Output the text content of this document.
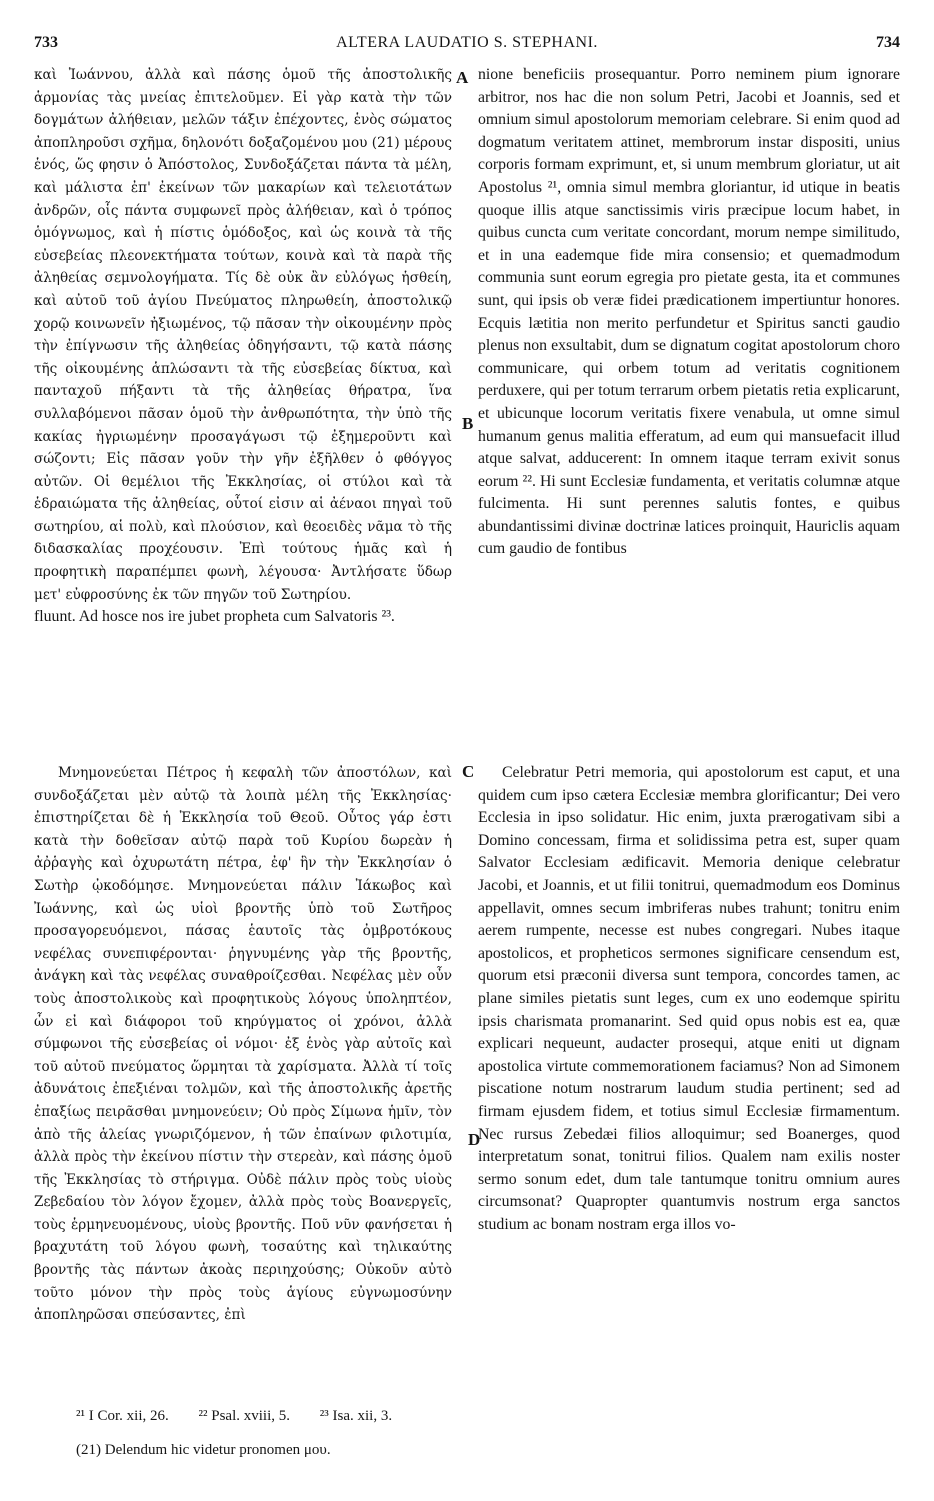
733	ALTERA LAUDATIO S. STEPHANI.	734

καὶ Ἰωάννου, ἀλλὰ καὶ πάσης ὁμοῦ τῆς ἀποστολικῆς ἁρμονίας τὰς μνείας ἐπιτελοῦμεν. Εἰ γὰρ κατὰ τὴν τῶν δογμάτων ἀλήθειαν, μελῶν τάξιν ἐπέχοντες, ἑνὸς σώματος ἀποπληροῦσι σχῆμα, δηλονότι δοξαζομένου μου (21) μέρους ἑνός, ὥς φησιν ὁ Ἀπόστολος, Συνδοξάζεται πάντα τὰ μέλη, καὶ μάλιστα ἐπ' ἐκείνων τῶν μακαρίων καὶ τελειοτάτων ἀνδρῶν, οἷς πάντα συμφωνεῖ πρὸς ἀλήθειαν, καὶ ὁ τρόπος ὁμόγνωμος, καὶ ἡ πίστις ὁμόδοξος, καὶ ὡς κοινὰ τὰ τῆς εὐσεβείας πλεονεκτήματα τούτων, κοινὰ καὶ τὰ παρὰ τῆς ἀληθείας σεμνολογήματα. Τίς δὲ οὐκ ἂν εὐλόγως ἡσθείη, καὶ αὐτοῦ τοῦ ἁγίου Πνεύματος πληρωθείη, ἀποστολικῷ χορῷ κοινωνεῖν ἠξιωμένος, τῷ πᾶσαν τὴν οἰκουμένην πρὸς τὴν ἐπίγνωσιν τῆς ἀληθείας ὁδηγήσαντι, τῷ κατὰ πάσης τῆς οἰκουμένης ἁπλώσαντι τὰ τῆς εὐσεβείας δίκτυα, καὶ πανταχοῦ πήξαντι τὰ τῆς ἀληθείας θήρατρα, ἵνα συλλαβόμενοι πᾶσαν ὁμοῦ τὴν ἀνθρωπότητα, τὴν ὑπὸ τῆς κακίας ἠγριωμένην προσαγάγωσι τῷ ἐξημεροῦντι καὶ σώζοντι; Εἰς πᾶσαν γοῦν τὴν γῆν ἐξῆλθεν ὁ φθόγγος αὐτῶν. Οἱ θεμέλιοι τῆς Ἐκκλησίας, οἱ στύλοι καὶ τὰ ἑδραιώματα τῆς ἀληθείας, οὗτοί εἰσιν αἱ ἀέναοι πηγαὶ τοῦ σωτηρίου, αἱ πολὺ, καὶ πλούσιον, καὶ θεοειδὲς νᾶμα τὸ τῆς διδασκαλίας προχέουσιν. Ἐπὶ τούτους ἡμᾶς καὶ ἡ προφητικὴ παραπέμπει φωνὴ, λέγουσα· Ἀντλήσατε ὕδωρ μετ' εὐφροσύνης ἐκ τῶν πηγῶν τοῦ Σωτηρίου.

fluunt. Ad hosce nos ire jubet propheta cum Salvatoris ²³.

nione beneficiis prosequantur. Porro neminem pium ignorare arbitror, nos hac die non solum Petri, Jacobi et Joannis, sed et omnium simul apostolorum memoriam celebrare. Si enim quod ad dogmatum veritatem attinet, membrorum instar dispositi, unius corporis formam exprimunt, et, si unum membrum gloriatur, ut ait Apostolus ²¹, omnia simul membra gloriantur, id utique in beatis quoque illis atque sanctissimis viris præcipue locum habet, in quibus cuncta cum veritate concordant, morum nempe similitudo, et in una eademque fide mira consensio; et quemadmodum communia sunt eorum egregia pro pietate gesta, ita et communes sunt, qui ipsis ob veræ fidei prædicationem impertiuntur honores. Ecquis lætitia non merito perfundetur et Spiritus sancti gaudio plenus non exsultabit, dum se dignatum cogitat apostolorum choro communicare, qui orbem totum ad veritatis cognitionem perduxere, qui per totum terrarum orbem pietatis retia explicarunt, et ubicunque locorum veritatis fixere venabula, ut omne simul humanum genus malitia efferatum, ad eum qui mansuefacit illud atque salvat, adducerent: In omnem itaque terram exivit sonus eorum ²². Hi sunt Ecclesiæ fundamenta, et veritatis columnæ atque fulcimenta. Hi sunt perennes salutis fontes, e quibus abundantissimi divinæ doctrinæ latices proinquit, Hauriclis aquam cum gaudio de fontibus

Μνημονεύεται Πέτρος ἡ κεφαλὴ τῶν ἀποστόλων, καὶ συνδοξάζεται μὲν αὐτῷ τὰ λοιπὰ μέλη τῆς Ἐκκλησίας· ἐπιστηρίζεται δὲ ἡ Ἐκκλησία τοῦ Θεοῦ. Οὗτος γάρ ἐστι κατὰ τὴν δοθεῖσαν αὐτῷ παρὰ τοῦ Κυρίου δωρεὰν ἡ ἀῤῥαγὴς καὶ ὀχυρωτάτη πέτρα, ἐφ' ἣν τὴν Ἐκκλησίαν ὁ Σωτὴρ ᾠκοδόμησε. Μνημονεύεται πάλιν Ἰάκωβος καὶ Ἰωάννης, καὶ ὡς υἱοὶ βροντῆς ὑπὸ τοῦ Σωτῆρος προσαγορευόμενοι, πάσας ἑαυτοῖς τὰς ὀμβροτόκους νεφέλας συνεπιφέρονται· ῥηγνυμένης γὰρ τῆς βροντῆς, ἀνάγκη καὶ τὰς νεφέλας συναθροίζεσθαι. Νεφέλας μὲν οὖν τοὺς ἀποστολικοὺς καὶ προφητικοὺς λόγους ὑποληπτέον, ὧν εἰ καὶ διάφοροι τοῦ κηρύγματος οἱ χρόνοι, ἀλλὰ σύμφωνοι τῆς εὐσεβείας οἱ νόμοι· ἐξ ἑνὸς γὰρ αὐτοῖς καὶ τοῦ αὐτοῦ πνεύματος ὥρμηται τὰ χαρίσματα. Ἀλλὰ τί τοῖς ἀδυνάτοις ἐπεξιέναι τολμῶν, καὶ τῆς ἀποστολικῆς ἀρετῆς ἐπαξίως πειρᾶσθαι μνημονεύειν; Οὐ πρὸς Σίμωνα ἡμῖν, τὸν ἀπὸ τῆς ἁλείας γνωριζόμενον, ἡ τῶν ἐπαίνων φιλοτιμία, ἀλλὰ πρὸς τὴν ἐκείνου πίστιν τὴν στερεὰν, καὶ πάσης ὁμοῦ τῆς Ἐκκλησίας τὸ στήριγμα. Οὐδὲ πάλιν πρὸς τοὺς υἱοὺς Ζεβεδαίου τὸν λόγον ἔχομεν, ἀλλὰ πρὸς τοὺς Βοανεργεῖς, τοὺς ἑρμηνευομένους, υἱοὺς βροντῆς. Ποῦ νῦν φανήσεται ἡ βραχυτάτη τοῦ λόγου φωνὴ, τοσαύτης καὶ τηλικαύτης βροντῆς τὰς πάντων ἀκοὰς περιηχούσης; Οὐκοῦν αὐτὸ τοῦτο μόνον τὴν πρὸς τοὺς ἁγίους εὐγνωμοσύνην ἀποπληρῶσαι σπεύσαντες, ἐπὶ

Celebratur Petri memoria, qui apostolorum est caput, et una quidem cum ipso cætera Ecclesiæ membra glorificantur; Dei vero Ecclesia in ipso solidatur. Hic enim, juxta prærogativam sibi a Domino concessam, firma et solidissima petra est, super quam Salvator Ecclesiam ædificavit. Memoria denique celebratur Jacobi, et Joannis, et ut filii tonitrui, quemadmodum eos Dominus appellavit, omnes secum imbriferas nubes trahunt; tonitru enim aerem rumpente, necesse est nubes congregari. Nubes itaque apostolicos, et propheticos sermones significare censendum est, quorum etsi præconii diversa sunt tempora, concordes tamen, ac plane similes pietatis sunt leges, cum ex uno eodemque spiritu ipsis charismata promanarint. Sed quid opus nobis est ea, quæ explicari nequeunt, audacter prosequi, atque eniti ut dignam apostolica virtute commemorationem faciamus? Non ad Simonem piscatione notum nostrarum laudum studia pertinent; sed ad firmam ejusdem fidem, et totius simul Ecclesiæ firmamentum. Nec rursus Zebedæi filios alloquimur; sed Boanerges, quod interpretatum sonat, tonitrui filios. Qualem nam exilis noster sermo sonum edet, dum tale tantumque tonitru omnium aures circumsonat? Quapropter quantumvis nostrum erga sanctos studium ac bonam nostram erga illos vo-

A
B
C
D
²¹ I Cor. xii, 26. ²² Psal. xviii, 5. ²³ Isa. xii, 3.
(21) Delendum hic videtur pronomen μου.
